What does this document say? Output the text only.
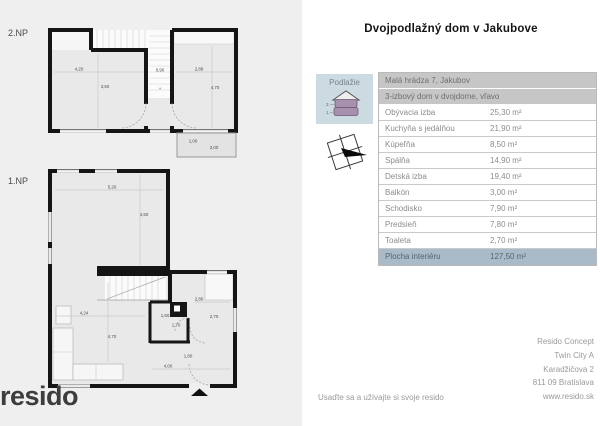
2.NP
4,20
3,60
0,90	2,88
4,70
+
1,00
3,00
1.NP
5,20
4,50
4,24
4,70
1,60
1,70
2,80
2,70
1,80
4,00
resido
Dvojpodlažný dom v Jakubove
Podlažie
2.
1.
Malá hrádza 7, Jakubov
3-izbový dom v dvojdome, vľavo
Obývacia izba	25,30 m²
Kuchyňa s jedálňou	21,90 m²
Kúpeľňa	8,50 m²
Spálňa	14,90 m²
Detská izba	19,40 m²
Balkón	3,00 m²
Schodisko	7,90 m²
Predsieň	7,80 m²
Toaleta	2,70 m²
Plocha interiéru	127,50 m²
Resido Concept
Twin City A
Karadžičova 2
811 09 Bratislava
www.resido.sk
Usaďte sa a užívajte si svoje resido
